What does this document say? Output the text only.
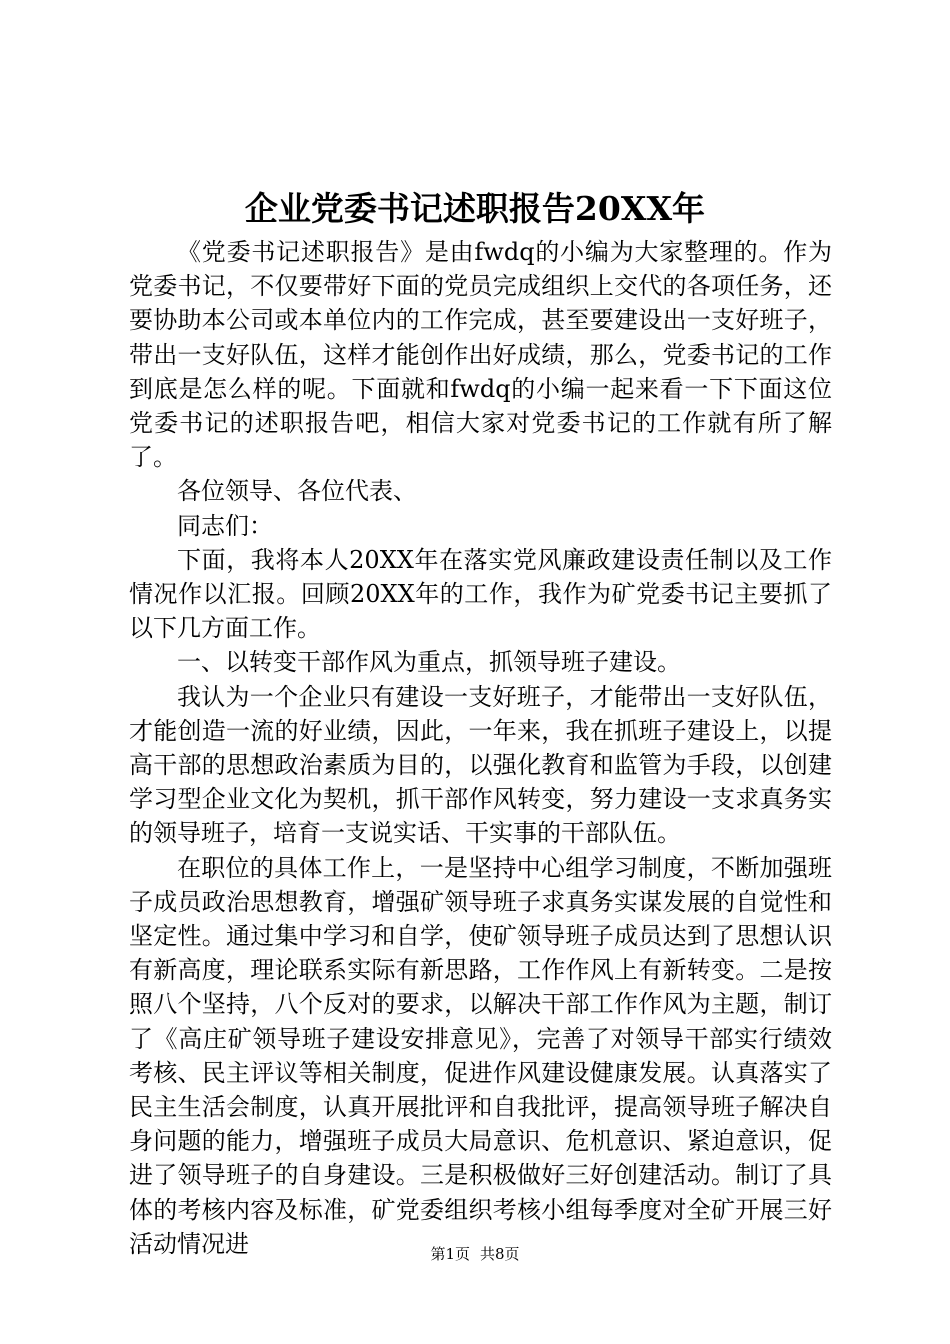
企业党委书记述职报告20XX年

《党委书记述职报告》是由fwdq的小编为大家整理的。作为党委书记，不仅要带好下面的党员完成组织上交代的各项任务，还要协助本公司或本单位内的工作完成，甚至要建设出一支好班子，带出一支好队伍，这样才能创作出好成绩，那么，党委书记的工作到底是怎么样的呢。下面就和fwdq的小编一起来看一下下面这位党委书记的述职报告吧，相信大家对党委书记的工作就有所了解了。

各位领导、各位代表、

同志们：

下面，我将本人20XX年在落实党风廉政建设责任制以及工作情况作以汇报。回顾20XX年的工作，我作为矿党委书记主要抓了以下几方面工作。

一、以转变干部作风为重点，抓领导班子建设。

我认为一个企业只有建设一支好班子，才能带出一支好队伍，才能创造一流的好业绩，因此，一年来，我在抓班子建设上，以提高干部的思想政治素质为目的，以强化教育和监管为手段，以创建学习型企业文化为契机，抓干部作风转变，努力建设一支求真务实的领导班子，培育一支说实话、干实事的干部队伍。

在职位的具体工作上，一是坚持中心组学习制度，不断加强班子成员政治思想教育，增强矿领导班子求真务实谋发展的自觉性和坚定性。通过集中学习和自学，使矿领导班子成员达到了思想认识有新高度，理论联系实际有新思路，工作作风上有新转变。二是按照八个坚持，八个反对的要求，以解决干部工作作风为主题，制订了《高庄矿领导班子建设安排意见》，完善了对领导干部实行绩效考核、民主评议等相关制度，促进作风建设健康发展。认真落实了民主生活会制度，认真开展批评和自我批评，提高领导班子解决自身问题的能力，增强班子成员大局意识、危机意识、紧迫意识，促进了领导班子的自身建设。三是积极做好三好创建活动。制订了具体的考核内容及标准，矿党委组织考核小组每季度对全矿开展三好活动情况进	第1页 共8页
